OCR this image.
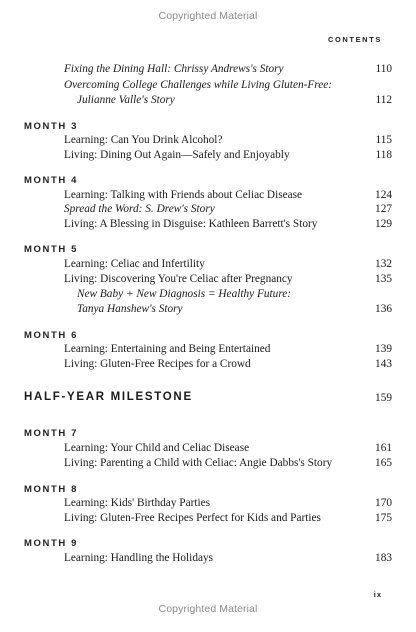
Copyrighted Material
CONTENTS
Fixing the Dining Hall: Chrissy Andrews's Story	110
Overcoming College Challenges while Living Gluten-Free:
Julianne Valle's Story	112
MONTH 3
Learning: Can You Drink Alcohol?	115
Living: Dining Out Again—Safely and Enjoyably	118
MONTH 4
Learning: Talking with Friends about Celiac Disease	124
Spread the Word: S. Drew's Story	127
Living: A Blessing in Disguise: Kathleen Barrett's Story	129
MONTH 5
Learning: Celiac and Infertility	132
Living: Discovering You're Celiac after Pregnancy	135
New Baby + New Diagnosis = Healthy Future:
Tanya Hanshew's Story	136
MONTH 6
Learning: Entertaining and Being Entertained	139
Living: Gluten-Free Recipes for a Crowd	143
HALF-YEAR MILESTONE	159
MONTH 7
Learning: Your Child and Celiac Disease	161
Living: Parenting a Child with Celiac: Angie Dabbs's Story	165
MONTH 8
Learning: Kids' Birthday Parties	170
Living: Gluten-Free Recipes Perfect for Kids and Parties	175
MONTH 9
Learning: Handling the Holidays	183
ix
Copyrighted Material
